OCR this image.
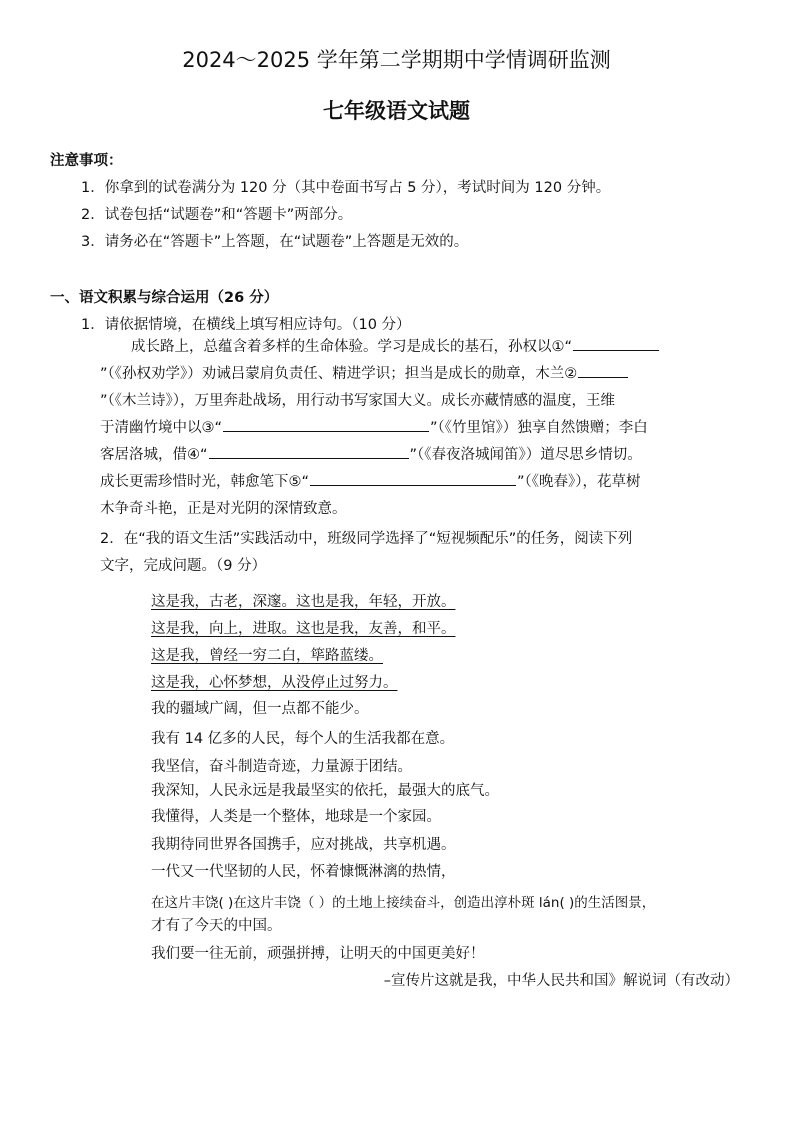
2024～2025 学年第二学期期中学情调研监测
七年级语文试题
注意事项：
1．你拿到的试卷满分为 120 分（其中卷面书写占 5 分），考试时间为 120 分钟。
2．试卷包括“试题卷”和“答题卡”两部分。
3．请务必在“答题卡”上答题，在“试题卷”上答题是无效的。
一、语文积累与综合运用（26 分）
1．请依据情境，在横线上填写相应诗句。（10 分）
成长路上，总蕴含着多样的生命体验。学习是成长的基石，孙权以①“
”（《孙权劝学》）劝诫吕蒙肩负责任、精进学识；担当是成长的勋章，木兰②
”（《木兰诗》），万里奔赴战场，用行动书写家国大义。成长亦藏情感的温度，王维
于清幽竹境中以③“	”（《竹里馆》）独享自然馈赠；李白
客居洛城，借④“	”（《春夜洛城闻笛》）道尽思乡情切。
成长更需珍惜时光，韩愈笔下⑤“	”（《晚春》），花草树
木争奇斗艳，正是对光阴的深情致意。
2．在“我的语文生活”实践活动中，班级同学选择了“短视频配乐”的任务，阅读下列
文字，完成问题。（9 分）
这是我，古老，深邃。这也是我，年轻，开放。
这是我，向上，进取。这也是我，友善，和平。
这是我，曾经一穷二白，筚路蓝缕。
这是我，心怀梦想，从没停止过努力。
我的疆域广阔，但一点都不能少。
我有 14 亿多的人民，每个人的生活我都在意。
我坚信，奋斗制造奇迹，力量源于团结。
我深知，人民永远是我最坚实的依托，最强大的底气。
我懂得，人类是一个整体，地球是一个家园。
我期待同世界各国携手，应对挑战，共享机遇。
一代又一代坚韧的人民，怀着慷慨淋漓的热情，
在这片丰饶( )在这片丰饶（ ）的土地上接续奋斗，创造出淳朴斑 lán( )的生活图景，
才有了今天的中国。
我们要一往无前，顽强拼搏，让明天的中国更美好！
–宣传片这就是我，中华人民共和国》解说词（有改动）
